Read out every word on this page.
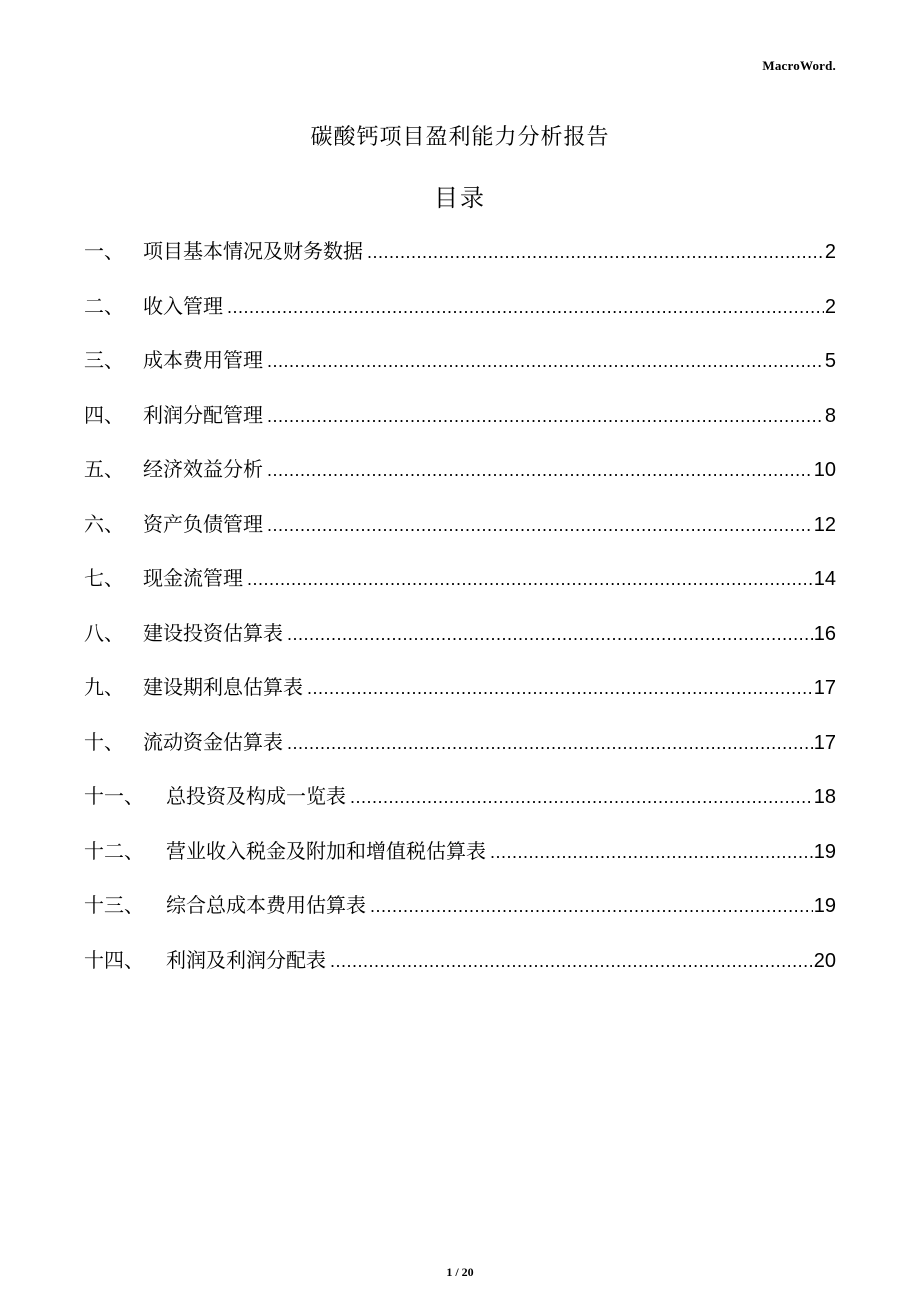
MacroWord.
碳酸钙项目盈利能力分析报告
目录
一、 项目基本情况及财务数据 .....	2
二、 收入管理 .....	2
三、 成本费用管理 .....	5
四、 利润分配管理 .....	8
五、 经济效益分析 .....	10
六、 资产负债管理 .....	12
七、 现金流管理 .....	14
八、 建设投资估算表 .....	16
九、 建设期利息估算表 .....	17
十、 流动资金估算表 .....	17
十一、	总投资及构成一览表 .....	18
十二、	营业收入税金及附加和增值税估算表 .....	19
十三、	综合总成本费用估算表 .....	19
十四、	利润及利润分配表 .....	20
1 / 20
